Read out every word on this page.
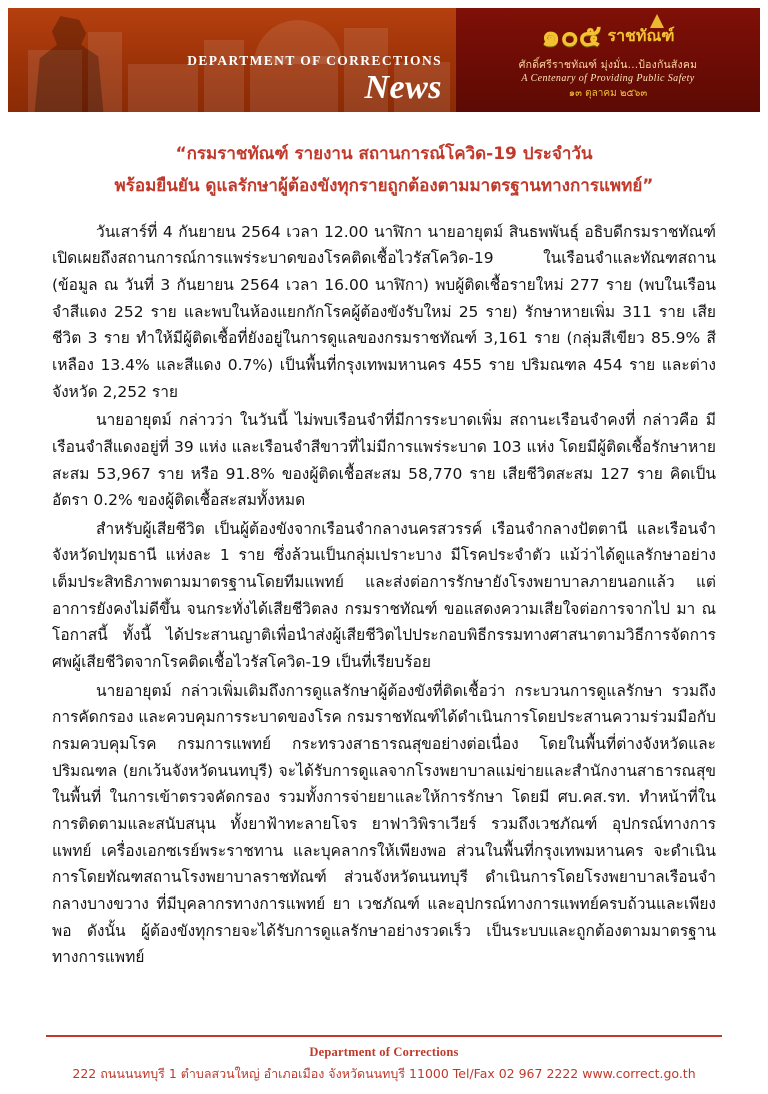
DEPARTMENT OF CORRECTIONS
News
๑๐๕ ราชทัณฑ์
ศักดิ์ศรีราชทัณฑ์ มุ่งมั่น...ป้องกันสังคม
A Centenary of Providing Public Safety
๑๓ ตุลาคม ๒๕๖๓
“กรมราชทัณฑ์ รายงาน สถานการณ์โควิด-19 ประจำวัน
พร้อมยืนยัน ดูแลรักษาผู้ต้องขังทุกรายถูกต้องตามมาตรฐานทางการแพทย์”

วันเสาร์ที่ 4 กันยายน 2564 เวลา 12.00 นาฬิกา นายอายุตม์ สินธพพันธุ์ อธิบดีกรมราชทัณฑ์ เปิดเผยถึงสถานการณ์การแพร่ระบาดของโรคติดเชื้อไวรัสโควิด-19 ในเรือนจำและทัณฑสถาน (ข้อมูล ณ วันที่ 3 กันยายน 2564 เวลา 16.00 นาฬิกา) พบผู้ติดเชื้อรายใหม่ 277 ราย (พบในเรือนจำสีแดง 252 ราย และพบในห้องแยกกักโรคผู้ต้องขังรับใหม่ 25 ราย) รักษาหายเพิ่ม 311 ราย เสียชีวิต 3 ราย ทำให้มีผู้ติดเชื้อที่ยังอยู่ในการดูแลของกรมราชทัณฑ์ 3,161 ราย (กลุ่มสีเขียว 85.9% สีเหลือง 13.4% และสีแดง 0.7%) เป็นพื้นที่กรุงเทพมหานคร 455 ราย ปริมณฑล 454 ราย และต่างจังหวัด 2,252 ราย

นายอายุตม์ กล่าวว่า ในวันนี้ ไม่พบเรือนจำที่มีการระบาดเพิ่ม สถานะเรือนจำคงที่ กล่าวคือ มีเรือนจำสีแดงอยู่ที่ 39 แห่ง และเรือนจำสีขาวที่ไม่มีการแพร่ระบาด 103 แห่ง โดยมีผู้ติดเชื้อรักษาหายสะสม 53,967 ราย หรือ 91.8% ของผู้ติดเชื้อสะสม 58,770 ราย เสียชีวิตสะสม 127 ราย คิดเป็นอัตรา 0.2% ของผู้ติดเชื้อสะสมทั้งหมด

สำหรับผู้เสียชีวิต เป็นผู้ต้องขังจากเรือนจำกลางนครสวรรค์ เรือนจำกลางปัตตานี และเรือนจำจังหวัดปทุมธานี แห่งละ 1 ราย ซึ่งล้วนเป็นกลุ่มเปราะบาง มีโรคประจำตัว แม้ว่าได้ดูแลรักษาอย่างเต็มประสิทธิภาพตามมาตรฐานโดยทีมแพทย์ และส่งต่อการรักษายังโรงพยาบาลภายนอกแล้ว แต่อาการยังคงไม่ดีขึ้น จนกระทั่งได้เสียชีวิตลง กรมราชทัณฑ์ ขอแสดงความเสียใจต่อการจากไป มา ณ โอกาสนี้ ทั้งนี้ ได้ประสานญาติเพื่อนำส่งผู้เสียชีวิตไปประกอบพิธีกรรมทางศาสนาตามวิธีการจัดการศพผู้เสียชีวิตจากโรคติดเชื้อไวรัสโควิด-19 เป็นที่เรียบร้อย

นายอายุตม์ กล่าวเพิ่มเติมถึงการดูแลรักษาผู้ต้องขังที่ติดเชื้อว่า กระบวนการดูแลรักษา รวมถึงการคัดกรอง และควบคุมการระบาดของโรค กรมราชทัณฑ์ได้ดำเนินการโดยประสานความร่วมมือกับกรมควบคุมโรค กรมการแพทย์ กระทรวงสาธารณสุขอย่างต่อเนื่อง โดยในพื้นที่ต่างจังหวัดและปริมณฑล (ยกเว้นจังหวัดนนทบุรี) จะได้รับการดูแลจากโรงพยาบาลแม่ข่ายและสำนักงานสาธารณสุขในพื้นที่ ในการเข้าตรวจคัดกรอง รวมทั้งการจ่ายยาและให้การรักษา โดยมี ศบ.คส.รท. ทำหน้าที่ในการติดตามและสนับสนุน ทั้งยาฟ้าทะลายโจร ยาฟาวิพิราเวียร์ รวมถึงเวชภัณฑ์ อุปกรณ์ทางการแพทย์ เครื่องเอกซเรย์พระราชทาน และบุคลากรให้เพียงพอ ส่วนในพื้นที่กรุงเทพมหานคร จะดำเนินการโดยทัณฑสถานโรงพยาบาลราชทัณฑ์ ส่วนจังหวัดนนทบุรี ดำเนินการโดยโรงพยาบาลเรือนจำกลางบางขวาง ที่มีบุคลากรทางการแพทย์ ยา เวชภัณฑ์ และอุปกรณ์ทางการแพทย์ครบถ้วนและเพียงพอ ดังนั้น ผู้ต้องขังทุกรายจะได้รับการดูแลรักษาอย่างรวดเร็ว เป็นระบบและถูกต้องตามมาตรฐานทางการแพทย์

Department of Corrections
222 ถนนนนทบุรี 1 ตำบลสวนใหญ่ อำเภอเมือง จังหวัดนนทบุรี 11000 Tel/Fax 02 967 2222 www.correct.go.th
